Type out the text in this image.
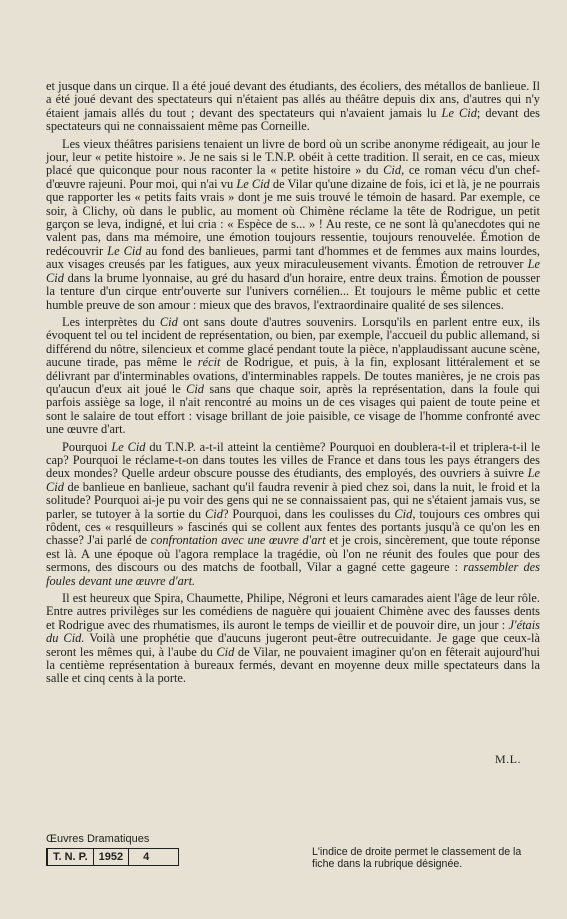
et jusque dans un cirque. Il a été joué devant des étudiants, des écoliers, des métallos de banlieue. Il a été joué devant des spectateurs qui n'étaient pas allés au théâtre depuis dix ans, d'autres qui n'y étaient jamais allés du tout ; devant des spectateurs qui n'avaient jamais lu Le Cid; devant des spectateurs qui ne connaissaient même pas Corneille.

Les vieux théâtres parisiens tenaient un livre de bord où un scribe anonyme rédigeait, au jour le jour, leur « petite histoire ». Je ne sais si le T.N.P. obéit à cette tradition. Il serait, en ce cas, mieux placé que quiconque pour nous raconter la « petite histoire » du Cid, ce roman vécu d'un chef-d'œuvre rajeuni. Pour moi, qui n'ai vu Le Cid de Vilar qu'une dizaine de fois, ici et là, je ne pourrais que rapporter les « petits faits vrais » dont je me suis trouvé le témoin de hasard. Par exemple, ce soir, à Clichy, où dans le public, au moment où Chimène réclame la tête de Rodrigue, un petit garçon se leva, indigné, et lui cria : « Espèce de s... » ! Au reste, ce ne sont là qu'anecdotes qui ne valent pas, dans ma mémoire, une émotion toujours ressentie, toujours renouvelée. Émotion de redécouvrir Le Cid au fond des banlieues, parmi tant d'hommes et de femmes aux mains lourdes, aux visages creusés par les fatigues, aux yeux miraculeusement vivants. Émotion de retrouver Le Cid dans la brume lyonnaise, au gré du hasard d'un horaire, entre deux trains. Émotion de pousser la tenture d'un cirque entr'ouverte sur l'univers cornélien... Et toujours le même public et cette humble preuve de son amour : mieux que des bravos, l'extraordinaire qualité de ses silences.

Les interprètes du Cid ont sans doute d'autres souvenirs. Lorsqu'ils en parlent entre eux, ils évoquent tel ou tel incident de représentation, ou bien, par exemple, l'accueil du public allemand, si différend du nôtre, silencieux et comme glacé pendant toute la pièce, n'applaudissant aucune scène, aucune tirade, pas même le récit de Rodrigue, et puis, à la fin, explosant littéralement et se délivrant par d'interminables ovations, d'interminables rappels. De toutes manières, je ne crois pas qu'aucun d'eux ait joué le Cid sans que chaque soir, après la représentation, dans la foule qui parfois assiège sa loge, il n'ait rencontré au moins un de ces visages qui paient de toute peine et sont le salaire de tout effort : visage brillant de joie paisible, ce visage de l'homme confronté avec une œuvre d'art.

Pourquoi Le Cid du T.N.P. a-t-il atteint la centième? Pourquoi en doublera-t-il et triplera-t-il le cap? Pourquoi le réclame-t-on dans toutes les villes de France et dans tous les pays étrangers des deux mondes? Quelle ardeur obscure pousse des étudiants, des employés, des ouvriers à suivre Le Cid de banlieue en banlieue, sachant qu'il faudra revenir à pied chez soi, dans la nuit, le froid et la solitude? Pourquoi ai-je pu voir des gens qui ne se connaissaient pas, qui ne s'étaient jamais vus, se parler, se tutoyer à la sortie du Cid? Pourquoi, dans les coulisses du Cid, toujours ces ombres qui rôdent, ces « resquilleurs » fascinés qui se collent aux fentes des portants jusqu'à ce qu'on les en chasse? J'ai parlé de confrontation avec une œuvre d'art et je crois, sincèrement, que toute réponse est là. A une époque où l'agora remplace la tragédie, où l'on ne réunit des foules que pour des sermons, des discours ou des matchs de football, Vilar a gagné cette gageure : rassembler des foules devant une œuvre d'art.

Il est heureux que Spira, Chaumette, Philipe, Négroni et leurs camarades aient l'âge de leur rôle. Entre autres privilèges sur les comédiens de naguère qui jouaient Chimène avec des fausses dents et Rodrigue avec des rhumatismes, ils auront le temps de vieillir et de pouvoir dire, un jour : J'étais du Cid. Voilà une prophétie que d'aucuns jugeront peut-être outrecuidante. Je gage que ceux-là seront les mêmes qui, à l'aube du Cid de Vilar, ne pouvaient imaginer qu'on en fêterait aujourd'hui la centième représentation à bureaux fermés, devant en moyenne deux mille spectateurs dans la salle et cinq cents à la porte.

M.L.
Œuvres Dramatiques
T. N. P.	1952	4	L'indice de droite permet le classement de la fiche dans la rubrique désignée.
